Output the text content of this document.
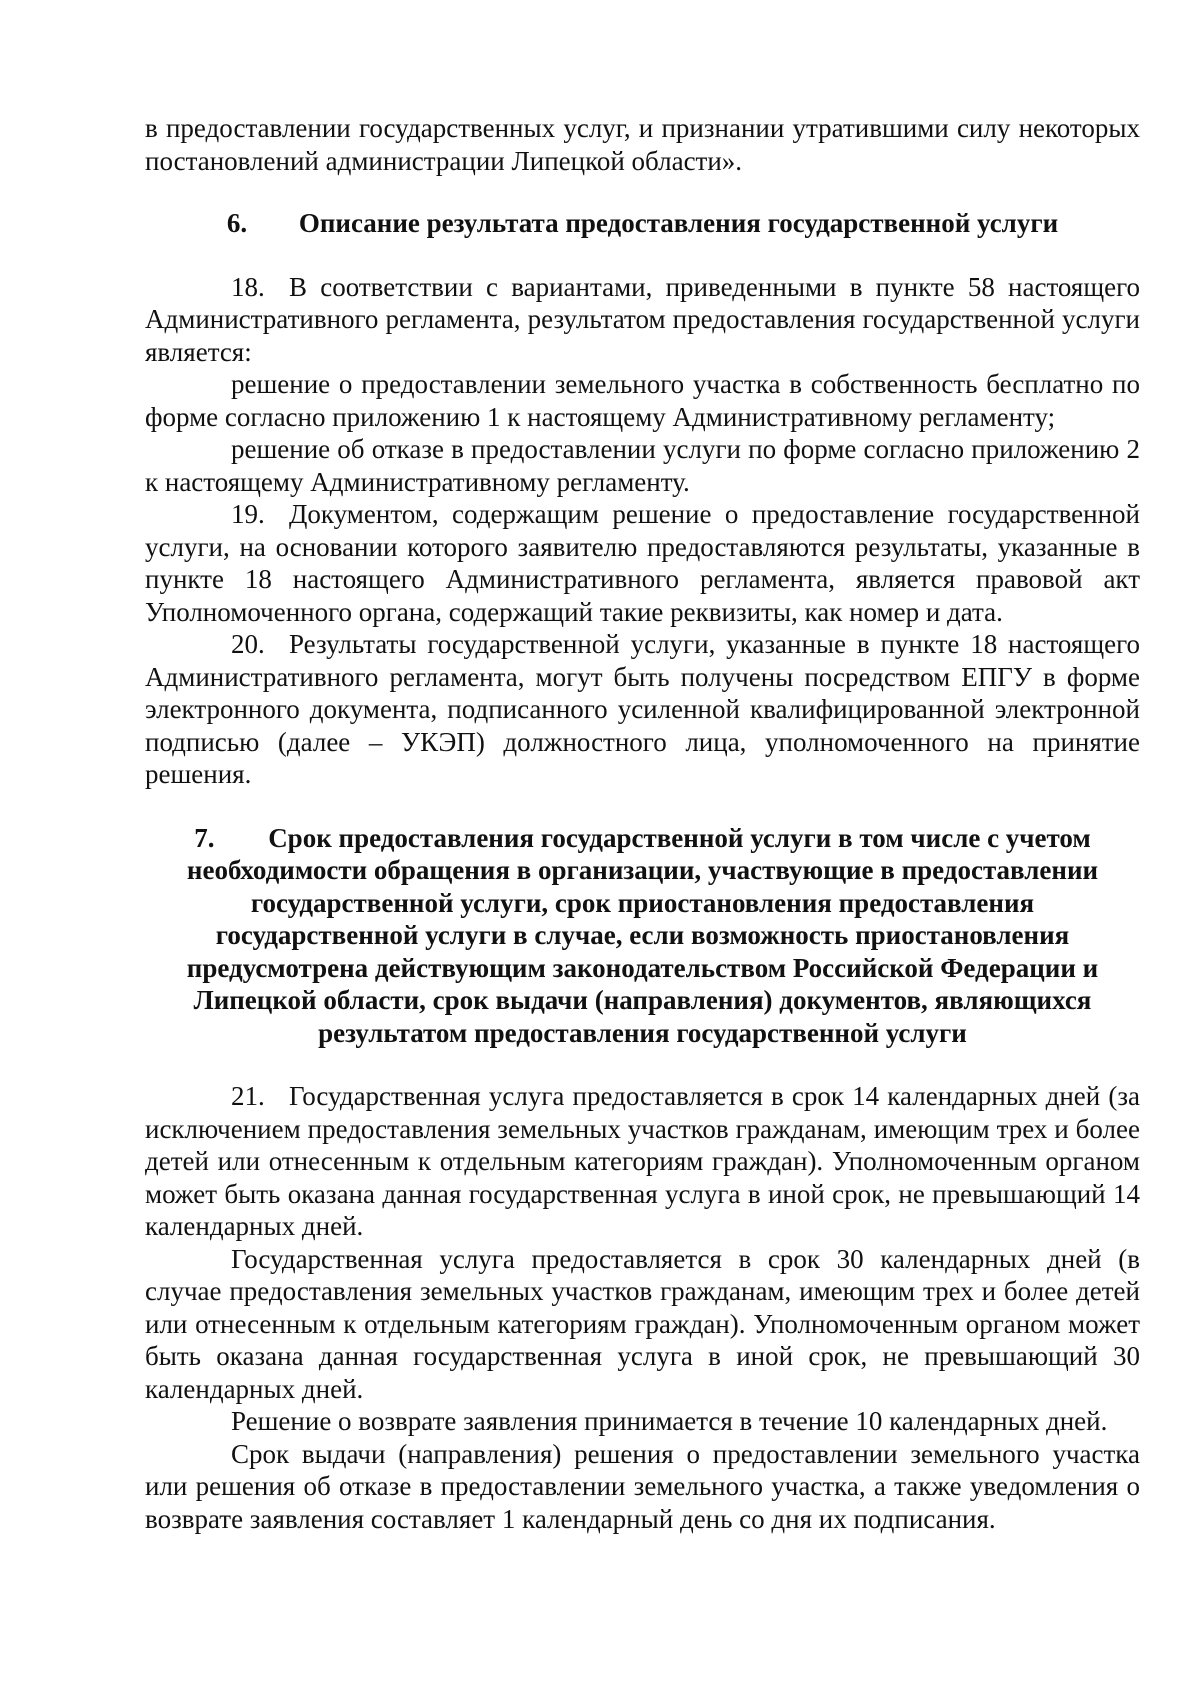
в предоставлении государственных услуг, и признании утратившими силу некоторых постановлений администрации Липецкой области».

6. Описание результата предоставления государственной услуги

18. В соответствии с вариантами, приведенными в пункте 58 настоящего Административного регламента, результатом предоставления государственной услуги является:

решение о предоставлении земельного участка в собственность бесплатно по форме согласно приложению 1 к настоящему Административному регламенту;

решение об отказе в предоставлении услуги по форме согласно приложению 2 к настоящему Административному регламенту.

19. Документом, содержащим решение о предоставление государственной услуги, на основании которого заявителю предоставляются результаты, указанные в пункте 18 настоящего Административного регламента, является правовой акт Уполномоченного органа, содержащий такие реквизиты, как номер и дата.

20. Результаты государственной услуги, указанные в пункте 18 настоящего Административного регламента, могут быть получены посредством ЕПГУ в форме электронного документа, подписанного усиленной квалифицированной электронной подписью (далее – УКЭП) должностного лица, уполномоченного на принятие решения.

7. Срок предоставления государственной услуги в том числе с учетом необходимости обращения в организации, участвующие в предоставлении государственной услуги, срок приостановления предоставления государственной услуги в случае, если возможность приостановления предусмотрена действующим законодательством Российской Федерации и Липецкой области, срок выдачи (направления) документов, являющихся результатом предоставления государственной услуги

21. Государственная услуга предоставляется в срок 14 календарных дней (за исключением предоставления земельных участков гражданам, имеющим трех и более детей или отнесенным к отдельным категориям граждан). Уполномоченным органом может быть оказана данная государственная услуга в иной срок, не превышающий 14 календарных дней.

Государственная услуга предоставляется в срок 30 календарных дней (в случае предоставления земельных участков гражданам, имеющим трех и более детей или отнесенным к отдельным категориям граждан). Уполномоченным органом может быть оказана данная государственная услуга в иной срок, не превышающий 30 календарных дней.

Решение о возврате заявления принимается в течение 10 календарных дней.

Срок выдачи (направления) решения о предоставлении земельного участка или решения об отказе в предоставлении земельного участка, а также уведомления о возврате заявления составляет 1 календарный день со дня их подписания.
